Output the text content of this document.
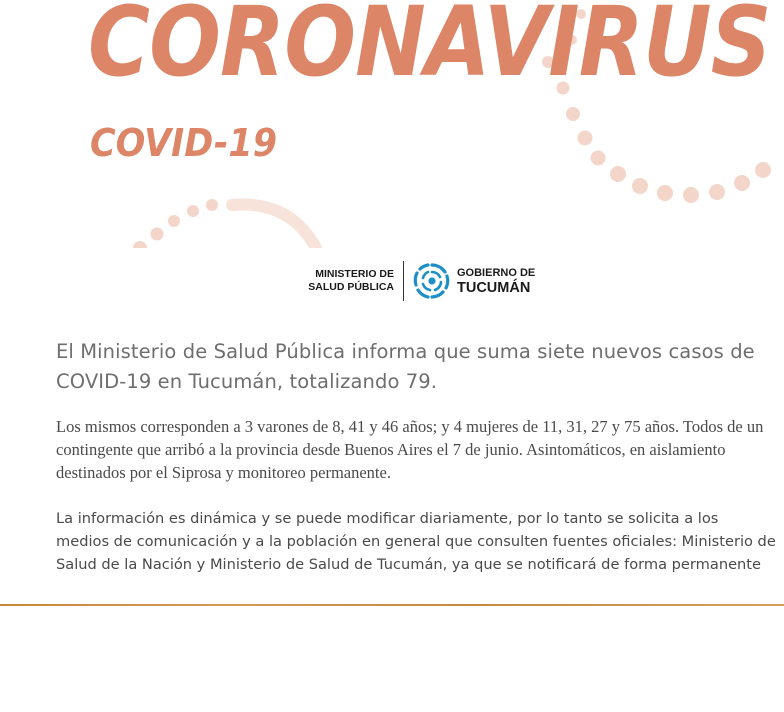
CORONAVIRUS
COVID-19
MINISTERIO DE
SALUD PÚBLICA
GOBIERNO DE
TUCUMÁN
El Ministerio de Salud Pública informa que suma siete nuevos casos de COVID-19 en Tucumán, totalizando 79.
Los mismos corresponden a 3 varones de 8, 41 y 46 años; y 4 mujeres de 11, 31, 27 y 75 años. Todos de un contingente que arribó a la provincia desde Buenos Aires el 7 de junio. Asintomáticos, en aislamiento destinados por el Siprosa y monitoreo permanente.
La información es dinámica y se puede modificar diariamente, por lo tanto se solicita a los medios de comunicación y a la población en general que consulten fuentes oficiales: Ministerio de Salud de la Nación y Ministerio de Salud de Tucumán, ya que se notificará de forma permanente
